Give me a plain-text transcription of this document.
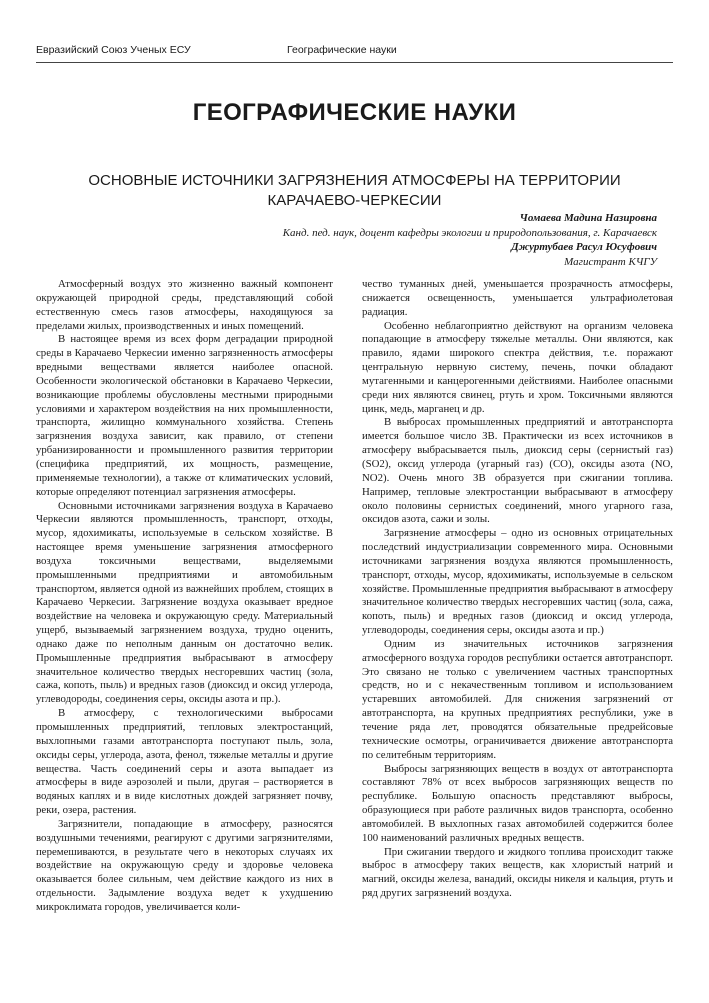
Евразийский Союз Ученых ЕСУ	Географические науки
ГЕОГРАФИЧЕСКИЕ НАУКИ
ОСНОВНЫЕ ИСТОЧНИКИ ЗАГРЯЗНЕНИЯ АТМОСФЕРЫ НА ТЕРРИТОРИИ КАРАЧАЕВО-ЧЕРКЕСИИ
Чомаева Мадина Назировна
Канд. пед. наук, доцент кафедры экологии и природопользования, г. Карачаевск
Джуртубаев Расул Юсуфович
Магистрант КЧГУ

Атмосферный воздух это жизненно важный компонент окружающей природной среды, представляющий собой естественную смесь газов атмосферы, находящуюся за пределами жилых, производственных и иных помещений.

В настоящее время из всех форм деградации природной среды в Карачаево Черкесии именно загрязненность атмосферы вредными веществами является наиболее опасной. Особенности экологической обстановки в Карачаево Черкесии, возникающие проблемы обусловлены местными природными условиями и характером воздействия на них промышленности, транспорта, жилищно коммунального хозяйства. Степень загрязнения воздуха зависит, как правило, от степени урбанизированности и промышленного развития территории (специфика предприятий, их мощность, размещение, применяемые технологии), а также от климатических условий, которые определяют потенциал загрязнения атмосферы.

Основными источниками загрязнения воздуха в Карачаево Черкесии являются промышленность, транспорт, отходы, мусор, ядохимикаты, используемые в сельском хозяйстве. В настоящее время уменьшение загрязнения атмосферного воздуха токсичными веществами, выделяемыми промышленными предприятиями и автомобильным транспортом, является одной из важнейших проблем, стоящих в Карачаево Черкесии. Загрязнение воздуха оказывает вредное воздействие на человека и окружающую среду. Материальный ущерб, вызываемый загрязнением воздуха, трудно оценить, однако даже по неполным данным он достаточно велик. Промышленные предприятия выбрасывают в атмосферу значительное количество твердых несгоревших частиц (зола, сажа, копоть, пыль) и вредных газов (диоксид и оксид углерода, углеводороды, соединения серы, оксиды азота и пр.).

В атмосферу, с технологическими выбросами промышленных предприятий, тепловых электростанций, выхлопными газами автотранспорта поступают пыль, зола, оксиды серы, углерода, азота, фенол, тяжелые металлы и другие вещества. Часть соединений серы и азота выпадает из атмосферы в виде аэрозолей и пыли, другая – растворяется в водяных каплях и в виде кислотных дождей загрязняет почву, реки, озера, растения.

Загрязнители, попадающие в атмосферу, разносятся воздушными течениями, реагируют с другими загрязнителями, перемешиваются, в результате чего в некоторых случаях их воздействие на окружающую среду и здоровье человека оказывается более сильным, чем действие каждого из них в отдельности. Задымление воздуха ведет к ухудшению микроклимата городов, увеличивается коли-

чество туманных дней, уменьшается прозрачность атмосферы, снижается освещенность, уменьшается ультрафиолетовая радиация.

Особенно неблагоприятно действуют на организм человека попадающие в атмосферу тяжелые металлы. Они являются, как правило, ядами широкого спектра действия, т.е. поражают центральную нервную систему, печень, почки обладают мутагенными и канцерогенными действиями. Наиболее опасными среди них являются свинец, ртуть и хром. Токсичными являются цинк, медь, марганец и др.

В выбросах промышленных предприятий и автотранспорта имеется большое число ЗВ. Практически из всех источников в атмосферу выбрасывается пыль, диоксид серы (сернистый газ) (SO2), оксид углерода (угарный газ) (CO), оксиды азота (NO, NO2). Очень много ЗВ образуется при сжигании топлива. Например, тепловые электростанции выбрасывают в атмосферу около половины сернистых соединений, много угарного газа, оксидов азота, сажи и золы.

Загрязнение атмосферы – одно из основных отрицательных последствий индустриализации современного мира. Основными источниками загрязнения воздуха являются промышленность, транспорт, отходы, мусор, ядохимикаты, используемые в сельском хозяйстве. Промышленные предприятия выбрасывают в атмосферу значительное количество твердых несгоревших частиц (зола, сажа, копоть, пыль) и вредных газов (диоксид и оксид углерода, углеводороды, соединения серы, оксиды азота и пр.)

Одним из значительных источников загрязнения атмосферного воздуха городов республики остается автотранспорт. Это связано не только с увеличением частных транспортных средств, но и с некачественным топливом и использованием устаревших автомобилей. Для снижения загрязнений от автотранспорта, на крупных предприятиях республики, уже в течение ряда лет, проводятся обязательные предрейсовые технические осмотры, ограничивается движение автотранспорта по селитебным территориям.

Выбросы загрязняющих веществ в воздух от автотранспорта составляют 78% от всех выбросов загрязняющих веществ по республике. Большую опасность представляют выбросы, образующиеся при работе различных видов транспорта, особенно автомобилей. В выхлопных газах автомобилей содержится более 100 наименований различных вредных веществ.

При сжигании твердого и жидкого топлива происходит также выброс в атмосферу таких веществ, как хлористый натрий и магний, оксиды железа, ванадий, оксиды никеля и кальция, ртуть и ряд других загрязнений воздуха.
